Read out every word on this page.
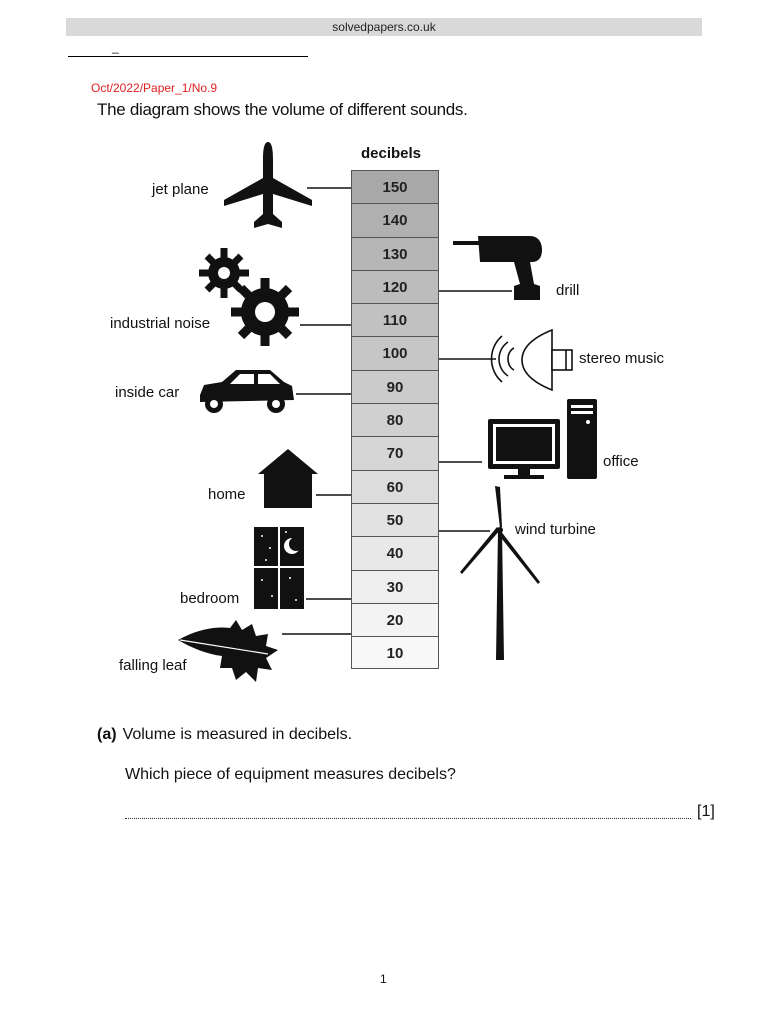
solvedpapers.co.uk
_
Oct/2022/Paper_1/No.9
The diagram shows the volume of different sounds.
decibels
150
140
130
120
110
100
90
80
70
60
50
40
30
20
10
jet plane
industrial noise
inside car
home
bedroom
falling leaf
drill
stereo music
office
wind turbine
(a) Volume is measured in decibels.
Which piece of equipment measures decibels?
[1]
1
